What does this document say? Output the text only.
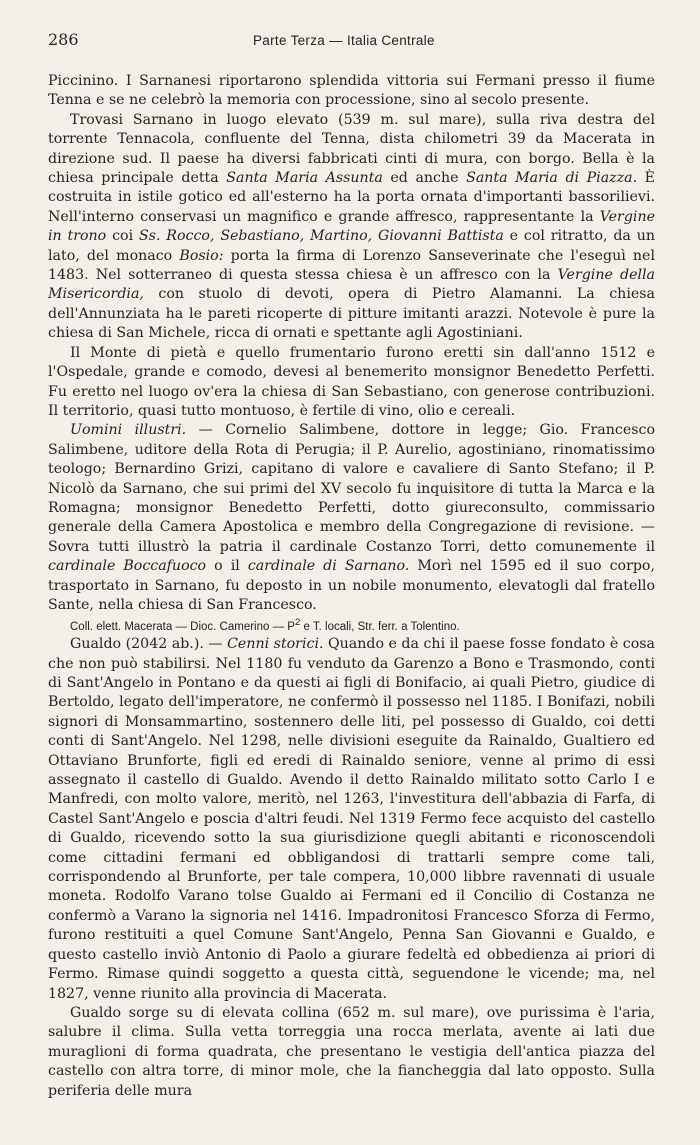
286	Parte Terza — Italia Centrale

Piccinino. I Sarnanesi riportarono splendida vittoria sui Fermani presso il fiume Tenna e se ne celebrò la memoria con processione, sino al secolo presente.

Trovasi Sarnano in luogo elevato (539 m. sul mare), sulla riva destra del torrente Tennacola, confluente del Tenna, dista chilometri 39 da Macerata in direzione sud. Il paese ha diversi fabbricati cinti di mura, con borgo. Bella è la chiesa principale detta Santa Maria Assunta ed anche Santa Maria di Piazza. È costruita in istile gotico ed all'esterno ha la porta ornata d'importanti bassorilievi. Nell'interno conservasi un magnifico e grande affresco, rappresentante la Vergine in trono coi Ss. Rocco, Sebastiano, Martino, Giovanni Battista e col ritratto, da un lato, del monaco Bosio: porta la firma di Lorenzo Sanseverinate che l'eseguì nel 1483. Nel sotterraneo di questa stessa chiesa è un affresco con la Vergine della Misericordia, con stuolo di devoti, opera di Pietro Alamanni. La chiesa dell'Annunziata ha le pareti ricoperte di pitture imitanti arazzi. Notevole è pure la chiesa di San Michele, ricca di ornati e spettante agli Agostiniani.

Il Monte di pietà e quello frumentario furono eretti sin dall'anno 1512 e l'Ospedale, grande e comodo, devesi al benemerito monsignor Benedetto Perfetti. Fu eretto nel luogo ov'era la chiesa di San Sebastiano, con generose contribuzioni. Il territorio, quasi tutto montuoso, è fertile di vino, olio e cereali.

Uomini illustri. — Cornelio Salimbene, dottore in legge; Gio. Francesco Salimbene, uditore della Rota di Perugia; il P. Aurelio, agostiniano, rinomatissimo teologo; Bernardino Grizi, capitano di valore e cavaliere di Santo Stefano; il P. Nicolò da Sarnano, che sui primi del XV secolo fu inquisitore di tutta la Marca e la Romagna; monsignor Benedetto Perfetti, dotto giureconsulto, commissario generale della Camera Apostolica e membro della Congregazione di revisione. — Sovra tutti illustrò la patria il cardinale Costanzo Torri, detto comunemente il cardinale Boccafuoco o il cardinale di Sarnano. Morì nel 1595 ed il suo corpo, trasportato in Sarnano, fu deposto in un nobile monumento, elevatogli dal fratello Sante, nella chiesa di San Francesco.

Coll. elett. Macerata — Dioc. Camerino — $P^2$ e T. locali, Str. ferr. a Tolentino.

Gualdo (2042 ab.). — Cenni storici. Quando e da chi il paese fosse fondato è cosa che non può stabilirsi. Nel 1180 fu venduto da Garenzo a Bono e Trasmondo, conti di Sant'Angelo in Pontano e da questi ai figli di Bonifacio, ai quali Pietro, giudice di Bertoldo, legato dell'imperatore, ne confermò il possesso nel 1185. I Bonifazi, nobili signori di Monsammartino, sostennero delle liti, pel possesso di Gualdo, coi detti conti di Sant'Angelo. Nel 1298, nelle divisioni eseguite da Rainaldo, Gualtiero ed Ottaviano Brunforte, figli ed eredi di Rainaldo seniore, venne al primo di essi assegnato il castello di Gualdo. Avendo il detto Rainaldo militato sotto Carlo I e Manfredi, con molto valore, meritò, nel 1263, l'investitura dell'abbazia di Farfa, di Castel Sant'Angelo e poscia d'altri feudi. Nel 1319 Fermo fece acquisto del castello di Gualdo, ricevendo sotto la sua giurisdizione quegli abitanti e riconoscendoli come cittadini fermani ed obbligandosi di trattarli sempre come tali, corrispondendo al Brunforte, per tale compera, 10,000 libbre ravennati di usuale moneta. Rodolfo Varano tolse Gualdo ai Fermani ed il Concilio di Costanza ne confermò a Varano la signoria nel 1416. Impadronitosi Francesco Sforza di Fermo, furono restituiti a quel Comune Sant'Angelo, Penna San Giovanni e Gualdo, e questo castello inviò Antonio di Paolo a giurare fedeltà ed obbedienza ai priori di Fermo. Rimase quindi soggetto a questa città, seguendone le vicende; ma, nel 1827, venne riunito alla provincia di Macerata.

Gualdo sorge su di elevata collina (652 m. sul mare), ove purissima è l'aria, salubre il clima. Sulla vetta torreggia una rocca merlata, avente ai lati due muraglioni di forma quadrata, che presentano le vestigia dell'antica piazza del castello con altra torre, di minor mole, che la fiancheggia dal lato opposto. Sulla periferia delle mura
